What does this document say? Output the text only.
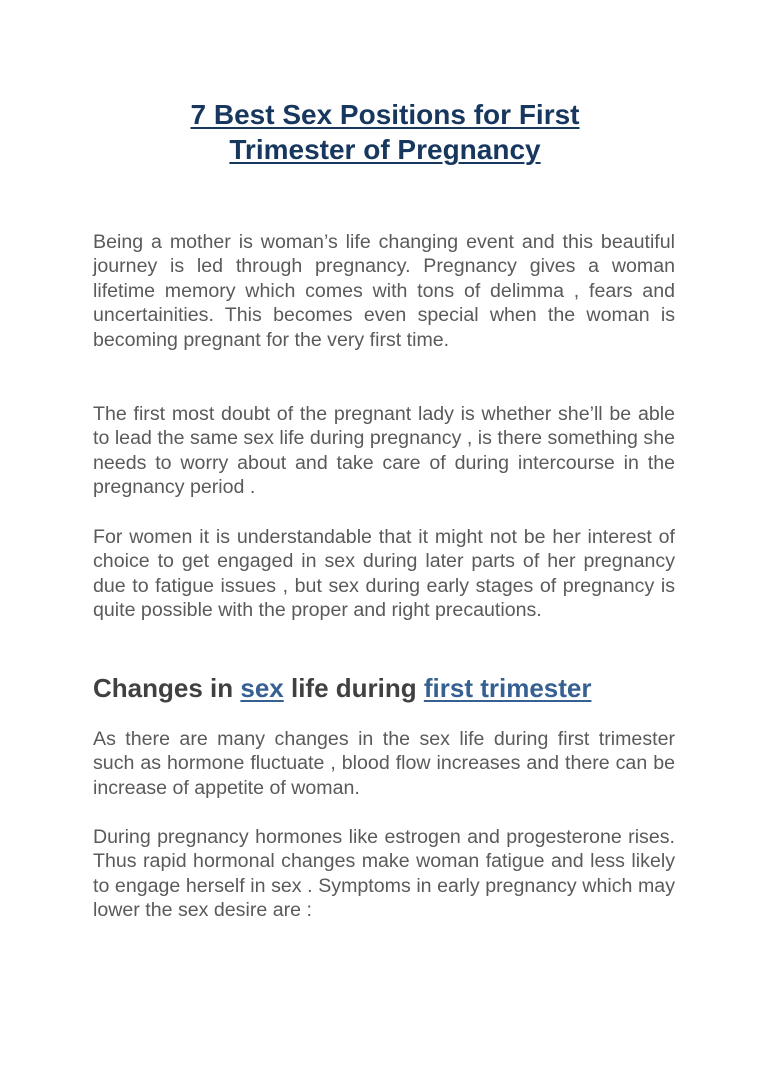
7 Best Sex Positions for First
Trimester of Pregnancy

Being a mother is woman’s life changing event and this beautiful journey is led through pregnancy. Pregnancy gives a woman lifetime memory which comes with tons of delimma , fears and uncertainities. This becomes even special when the woman is becoming pregnant for the very first time.

The first most doubt of the pregnant lady is whether she’ll be able to lead the same sex life during pregnancy , is there something she needs to worry about and take care of during intercourse in the pregnancy period .

For women it is understandable that it might not be her interest of choice to get engaged in sex during later parts of her pregnancy due to fatigue issues , but sex during early stages of pregnancy is quite possible with the proper and right precautions.

Changes in sex life during first trimester

As there are many changes in the sex life during first trimester such as hormone fluctuate , blood flow increases and there can be increase of appetite of woman.

During pregnancy hormones like estrogen and progesterone rises. Thus rapid hormonal changes make woman fatigue and less likely to engage herself in sex . Symptoms in early pregnancy which may lower the sex desire are :
